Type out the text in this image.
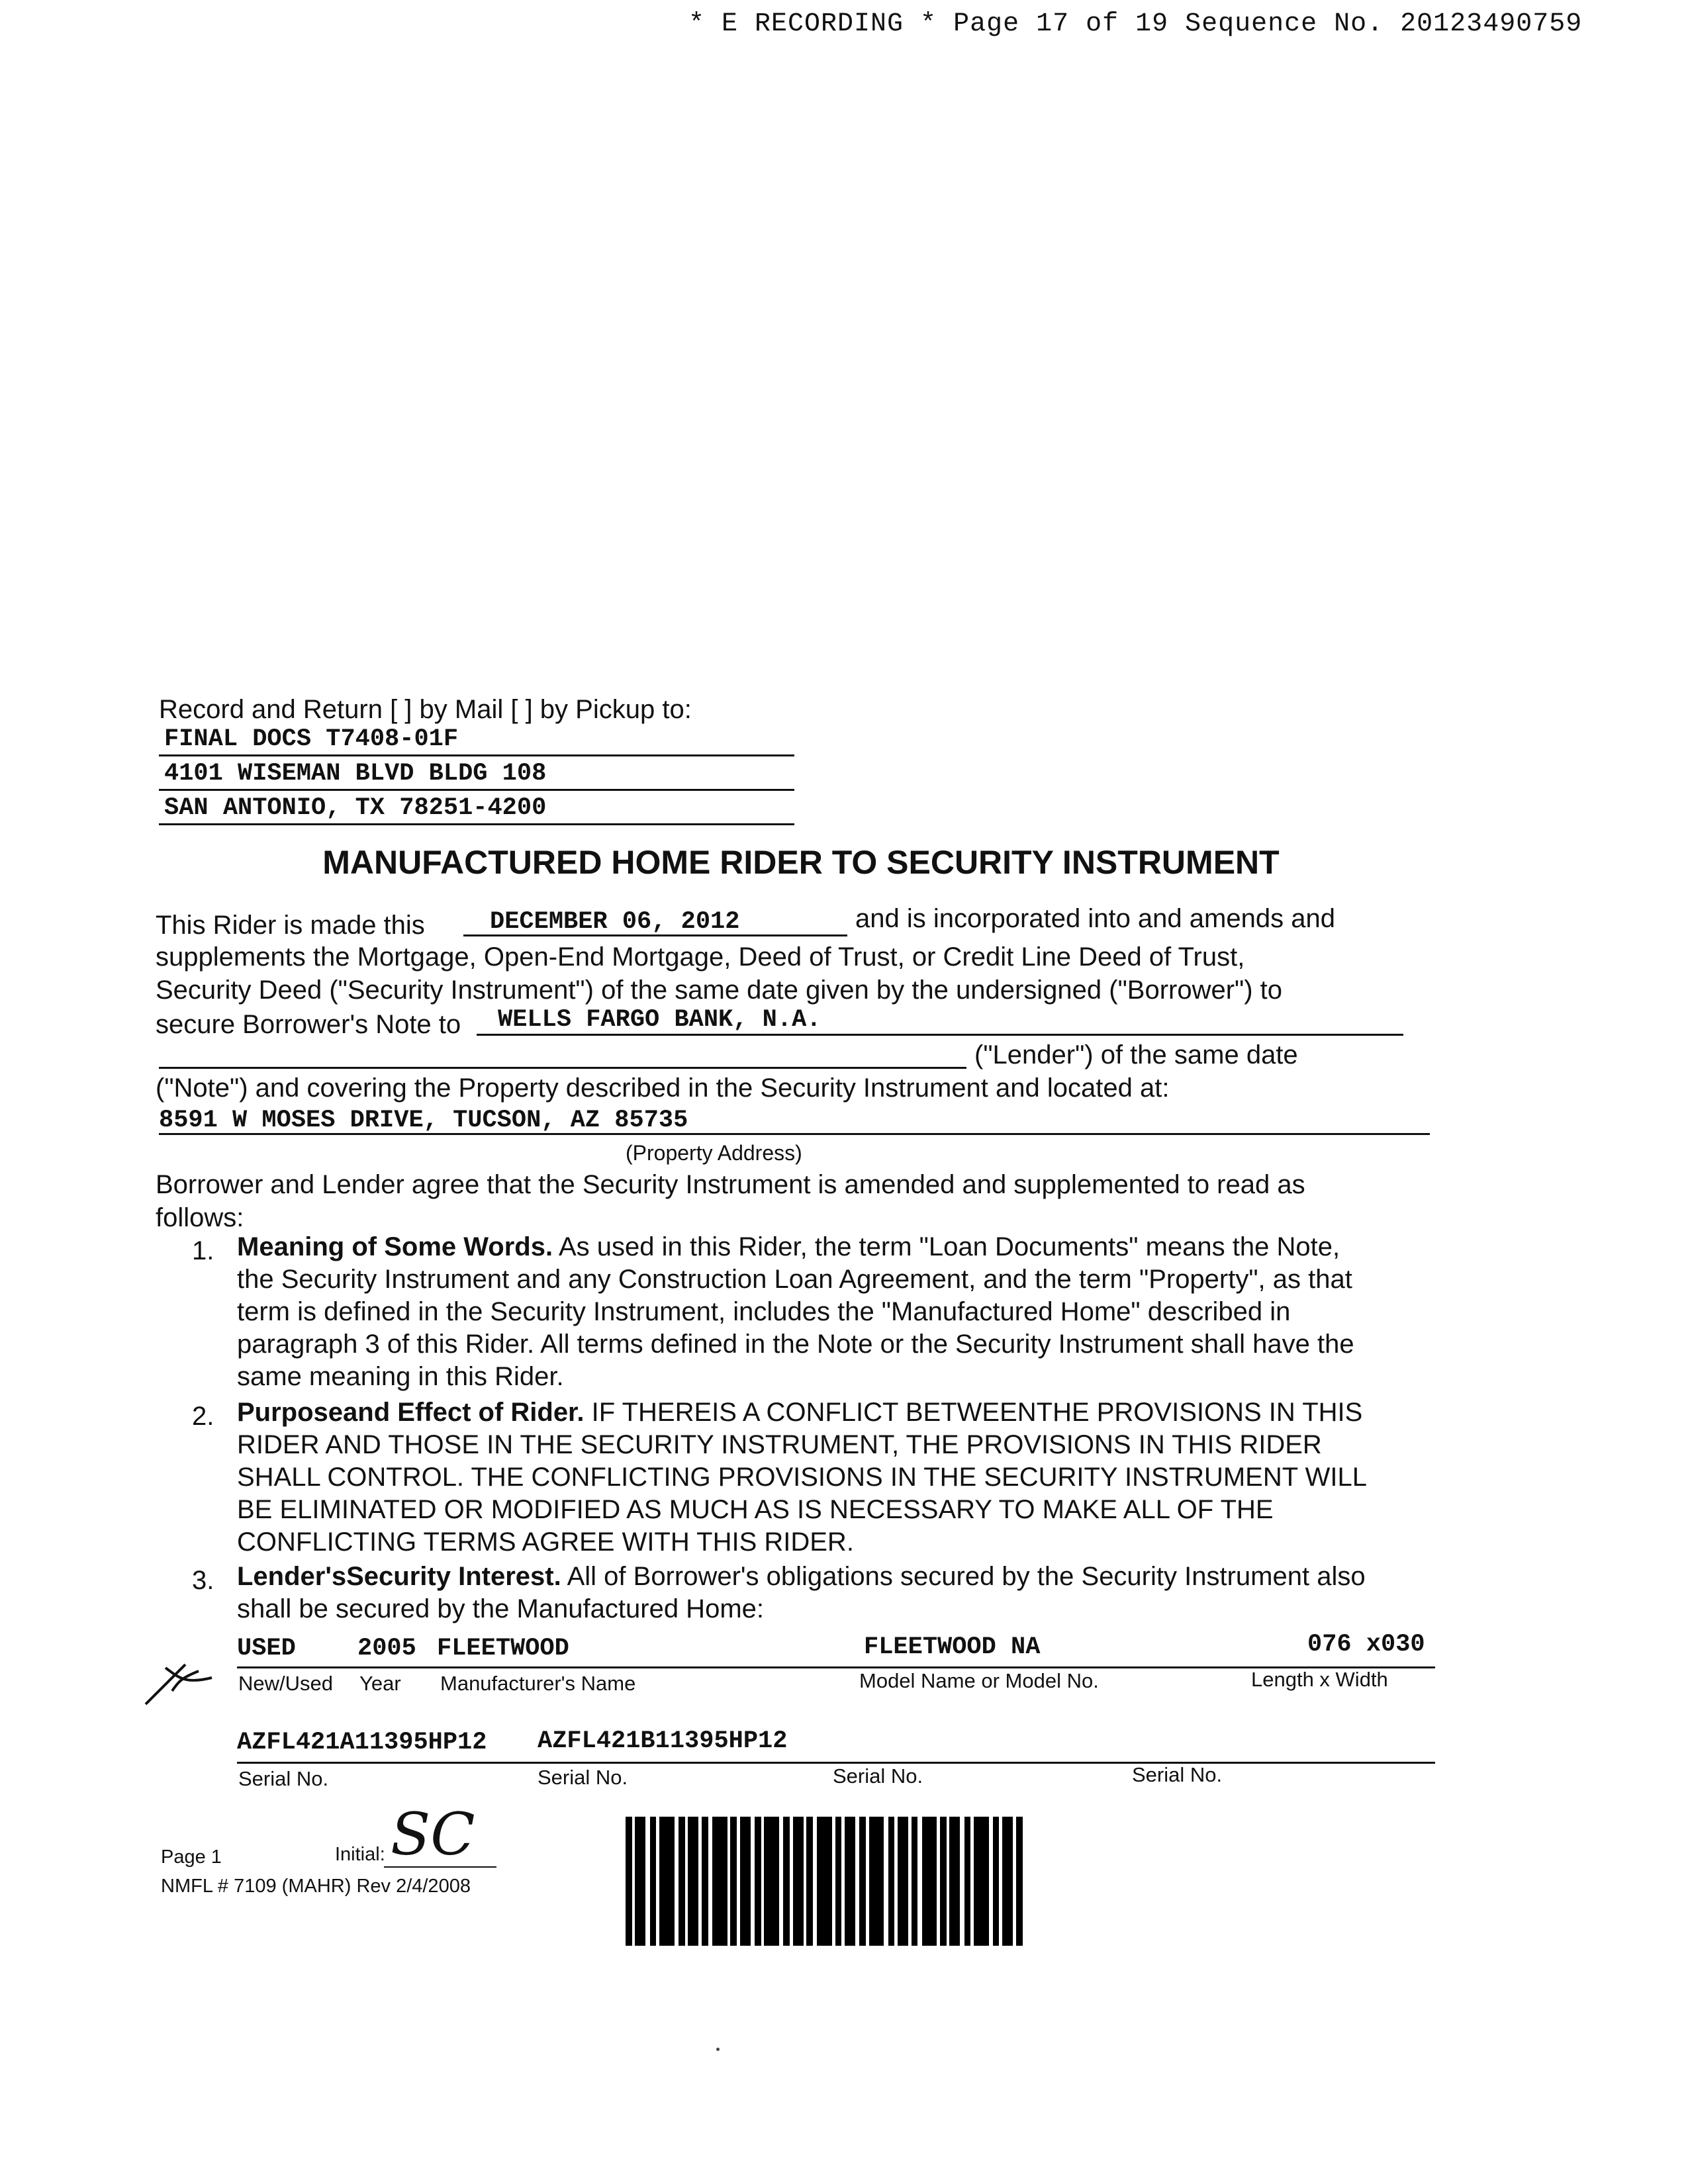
* E RECORDING * Page 17 of 19 Sequence No. 20123490759
Record and Return [ ] by Mail [ ] by Pickup to:
FINAL DOCS T7408-01F
4101 WISEMAN BLVD BLDG 108
SAN ANTONIO, TX 78251-4200
MANUFACTURED HOME RIDER TO SECURITY INSTRUMENT
This Rider is made this	DECEMBER 06, 2012	and is incorporated into and amends and
supplements the Mortgage, Open-End Mortgage, Deed of Trust, or Credit Line Deed of Trust,
Security Deed ("Security Instrument") of the same date given by the undersigned ("Borrower") to
secure Borrower's Note to WELLS FARGO BANK, N.A.
("Lender") of the same date
("Note") and covering the Property described in the Security Instrument and located at:
8591 W MOSES DRIVE, TUCSON, AZ 85735
(Property Address)
Borrower and Lender agree that the Security Instrument is amended and supplemented to read as
follows:
1. Meaning of Some Words. As used in this Rider, the term "Loan Documents" means the Note, the Security Instrument and any Construction Loan Agreement, and the term "Property", as that term is defined in the Security Instrument, includes the "Manufactured Home" described in paragraph 3 of this Rider. All terms defined in the Note or the Security Instrument shall have the same meaning in this Rider.
2. Purposeand Effect of Rider. IF THEREIS A CONFLICT BETWEENTHE PROVISIONS IN THIS RIDER AND THOSE IN THE SECURITY INSTRUMENT, THE PROVISIONS IN THIS RIDER SHALL CONTROL. THE CONFLICTING PROVISIONS IN THE SECURITY INSTRUMENT WILL BE ELIMINATED OR MODIFIED AS MUCH AS IS NECESSARY TO MAKE ALL OF THE CONFLICTING TERMS AGREE WITH THIS RIDER.
3. Lender'sSecurity Interest. All of Borrower's obligations secured by the Security Instrument also shall be secured by the Manufactured Home:
USED	2005 FLEETWOOD	FLEETWOOD NA	076 x030
New/Used Year Manufacturer's Name	Model Name or Model No.	Length x Width
AZFL421A11395HP12 AZFL421B11395HP12
Serial No.	Serial No.	Serial No.	Serial No.
Page 1	Initial: SC
NMFL # 7109 (MAHR) Rev 2/4/2008
